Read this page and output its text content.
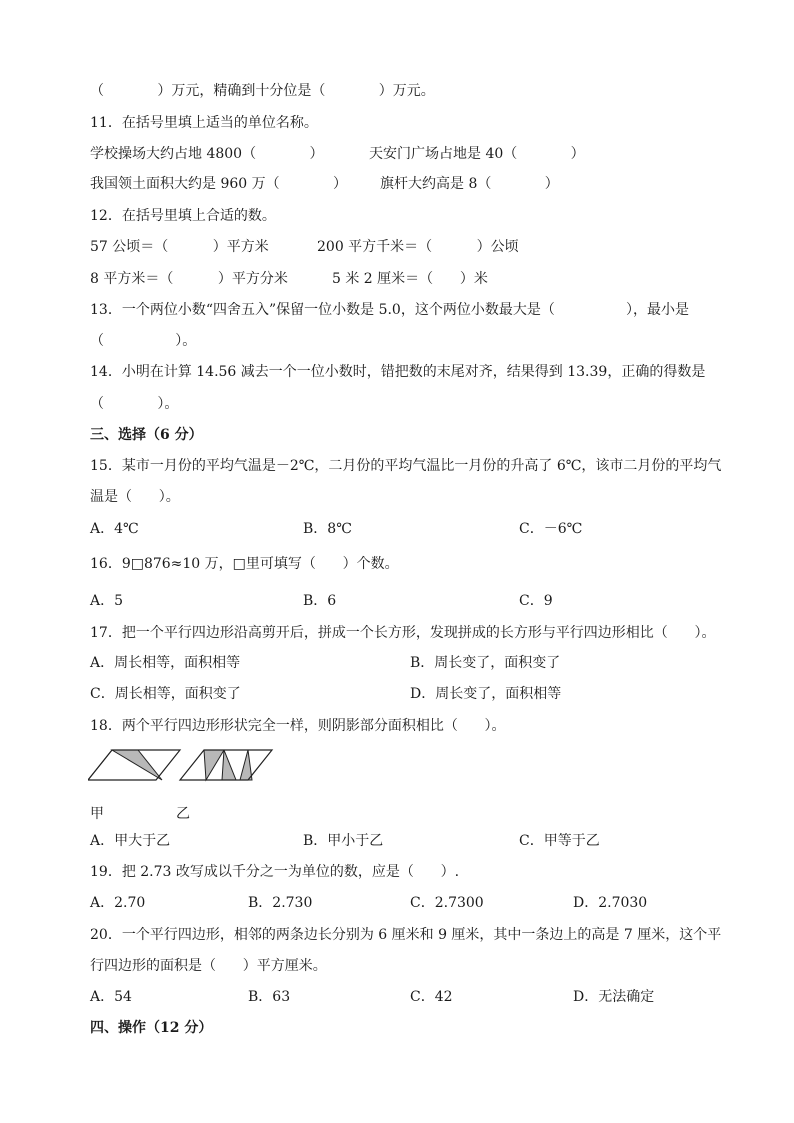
（            ）万元，精确到十分位是（            ）万元。
11．在括号里填上适当的单位名称。
学校操场大约占地 4800（            ）	天安门广场占地是 40（            ）
我国领土面积大约是 960 万（            ） 旗杆大约高是 8（            ）
12．在括号里填上合适的数。
57 公顷＝（          ）平方米	200 平方千米＝（          ）公顷
8 平方米＝（          ）平方分米	5 米 2 厘米＝（      ）米
13．一个两位小数“四舍五入”保留一位小数是 5.0，这个两位小数最大是（                ），最小是
（                ）。
14．小明在计算 14.56 减去一个一位小数时，错把数的末尾对齐，结果得到 13.39，正确的得数是
（            ）。
三、选择（6 分）
15．某市一月份的平均气温是－2℃，二月份的平均气温比一月份的升高了 6℃，该市二月份的平均气
温是（      ）。
A．4℃	B．8℃	C．－6℃
16．9□876≈10 万，□里可填写（      ）个数。
A．5	B．6	C．9
17．把一个平行四边形沿高剪开后，拼成一个长方形，发现拼成的长方形与平行四边形相比（      ）。
A．周长相等，面积相等	B．周长变了，面积变了
C．周长相等，面积变了	D．周长变了，面积相等
18．两个平行四边形形状完全一样，则阴影部分面积相比（      ）。
甲	乙
A．甲大于乙	B．甲小于乙	C．甲等于乙
19．把 2.73 改写成以千分之一为单位的数，应是（      ）.
A．2.70	B．2.730	C．2.7300	D．2.7030
20．一个平行四边形，相邻的两条边长分别为 6 厘米和 9 厘米，其中一条边上的高是 7 厘米，这个平
行四边形的面积是（      ）平方厘米。
A．54	B．63	C．42	D．无法确定
四、操作（12 分）
